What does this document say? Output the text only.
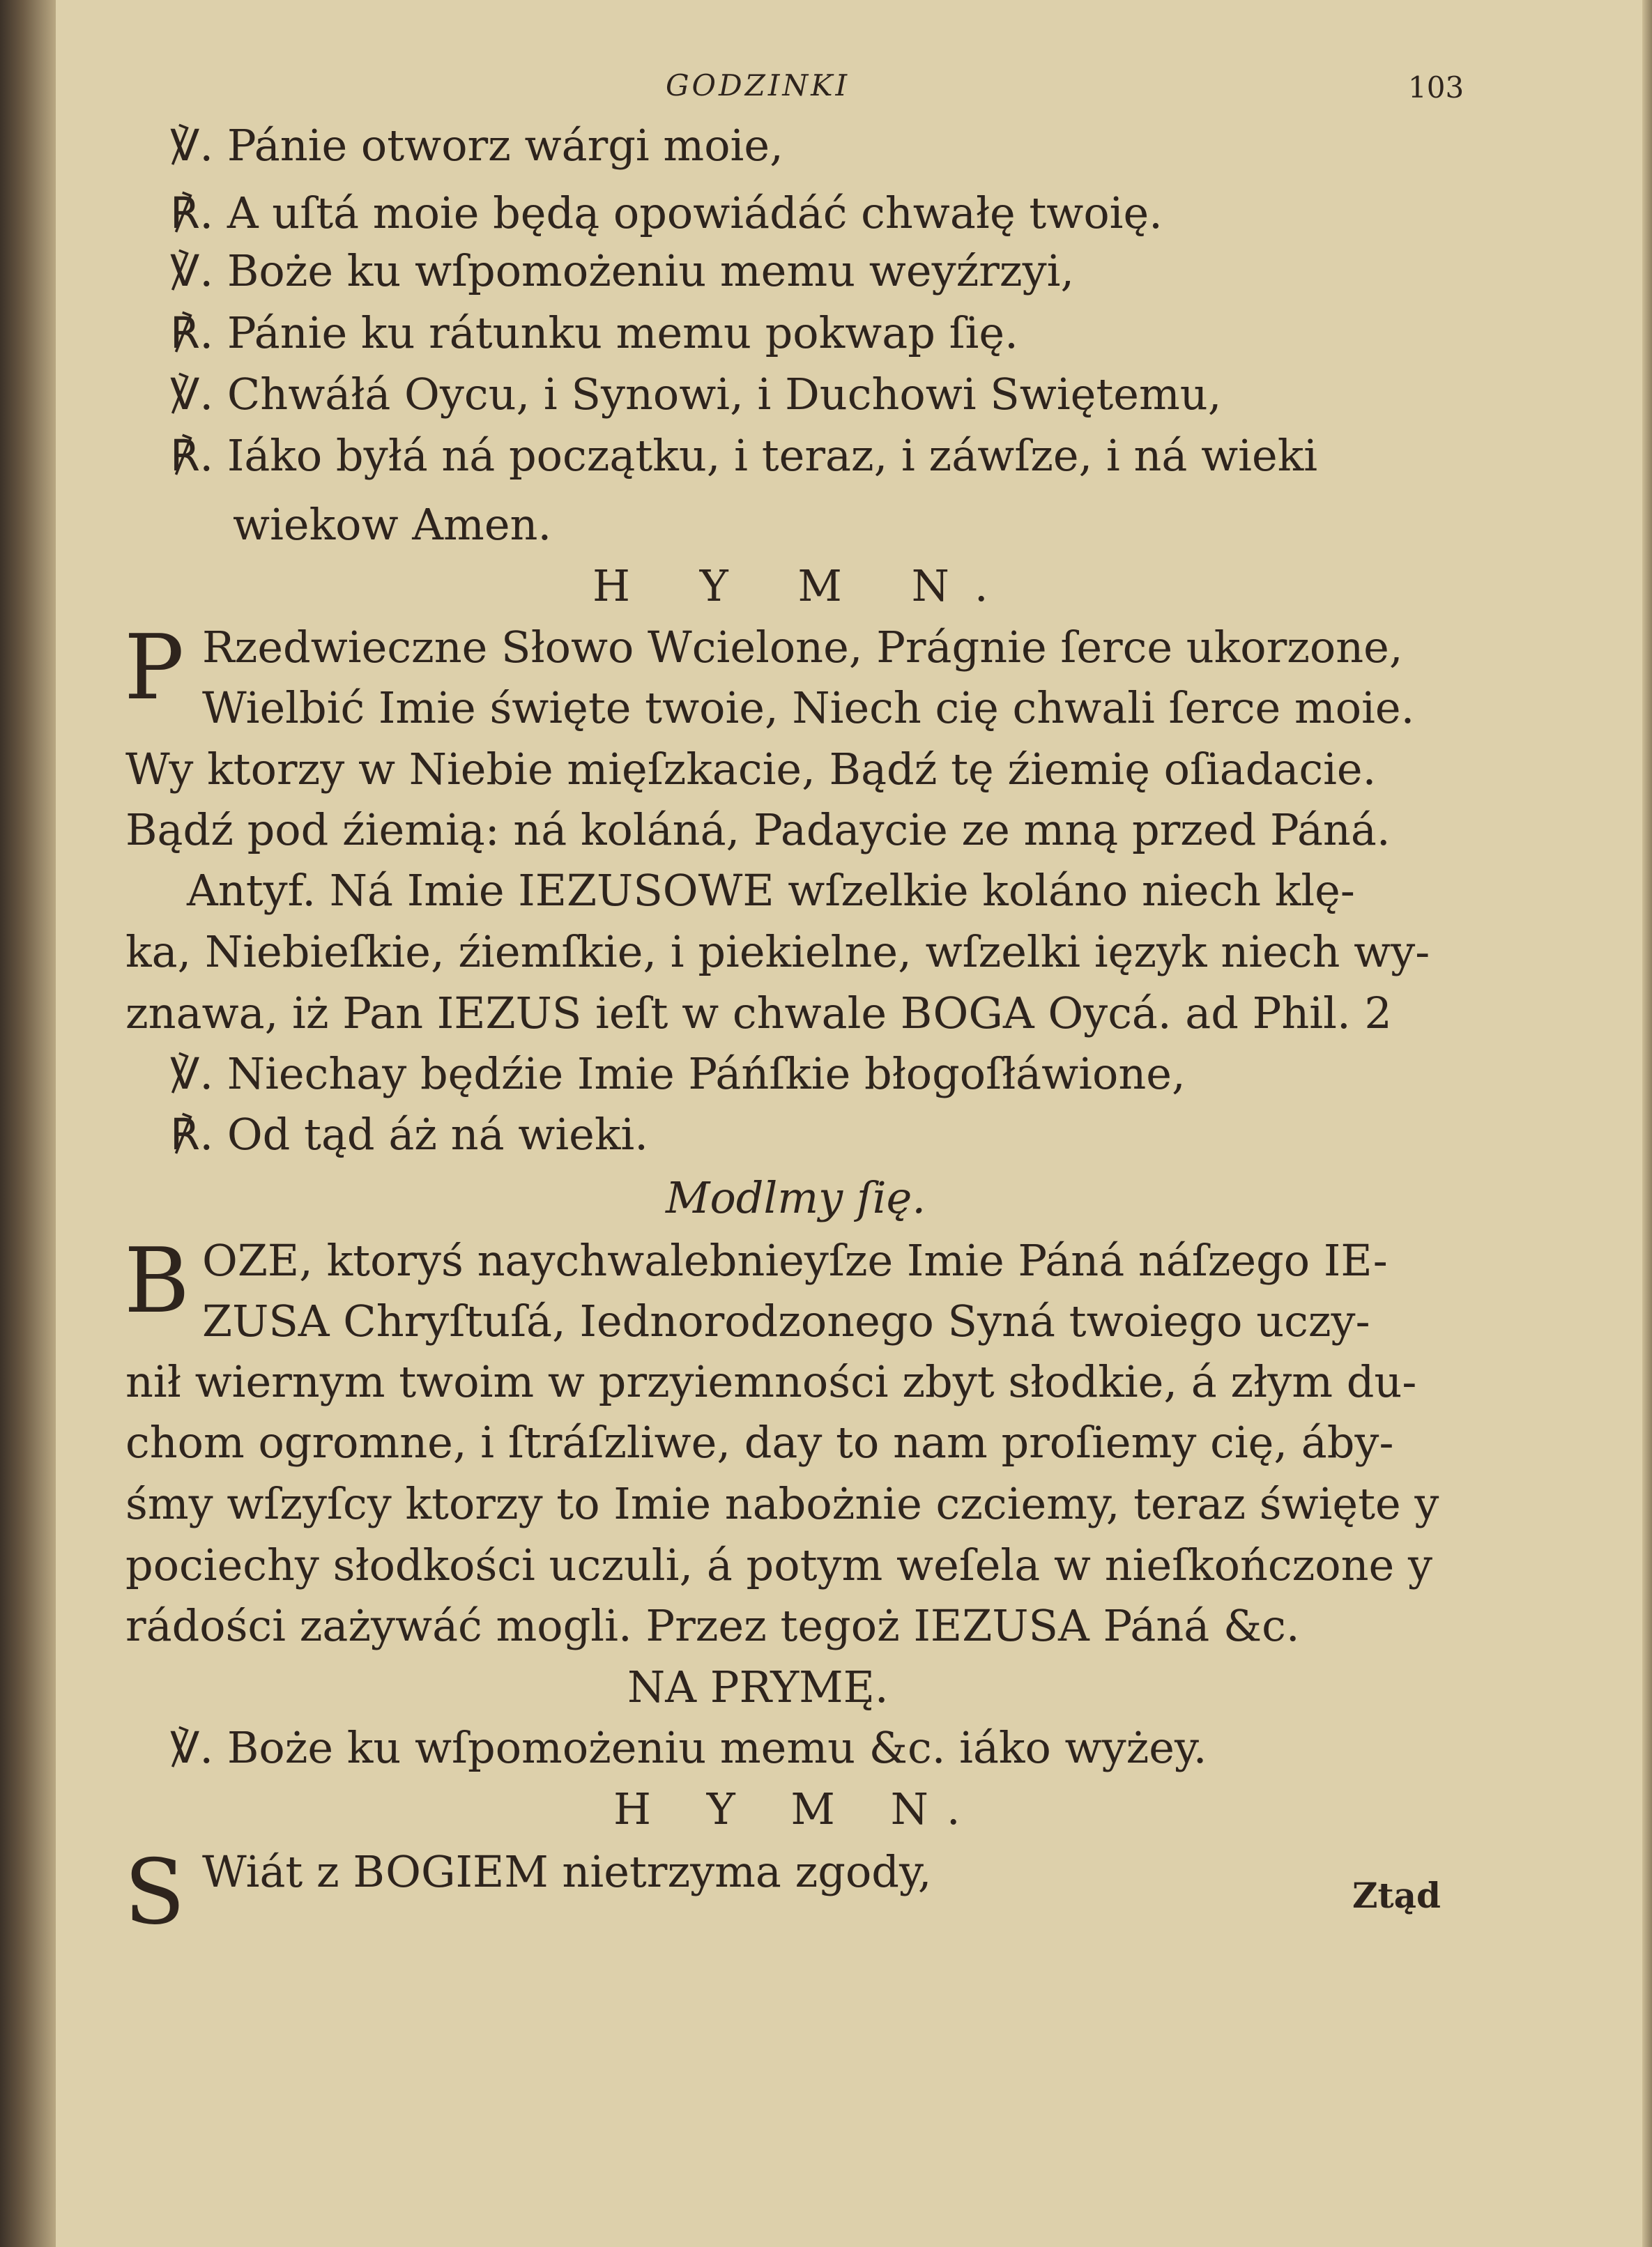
GODZINKI	103
℣. Pánie otworz wárgi moie,
℟. A uſtá moie będą opowiádáć chwałę twoię.
℣. Boże ku wſpomożeniu memu weyźrzyi,
℟. Pánie ku rátunku memu pokwap ſię.
℣. Chwáłá Oycu, i Synowi, i Duchowi Swiętemu,
℟. Iáko byłá ná początku, i teraz, i záwſze, i ná wieki
wiekow Amen.
H Y M N.
P Rzedwieczne Słowo Wcielone, Prágnie ſerce ukorzone,
Wielbić Imie święte twoie, Niech cię chwali ſerce moie.
Wy ktorzy w Niebie mięſzkacie, Bądź tę źiemię oſiadacie.
Bądź pod źiemią: ná koláná, Padaycie ze mną przed Páná.
Antyf. Ná Imie IEZUSOWE wſzelkie koláno niech klę-
ka, Niebieſkie, źiemſkie, i piekielne, wſzelki ięzyk niech wy-
znawa, iż Pan IEZUS ieſt w chwale BOGA Oycá. ad Phil. 2
℣. Niechay będźie Imie Páńſkie błogoſłáwione,
℟. Od tąd áż ná wieki.
Modlmy ſię.
B OZE, ktoryś naychwalebnieyſze Imie Páná náſzego IE-
ZUSA Chryſtuſá, Iednorodzonego Syná twoiego uczy-
nił wiernym twoim w przyiemności zbyt słodkie, á złym du-
chom ogromne, i ſtráſzliwe, day to nam proſiemy cię, áby-
śmy wſzyſcy ktorzy to Imie nabożnie czciemy, teraz święte y
pociechy słodkości uczuli, á potym weſela w nieſkończone y
rádości zażywáć mogli. Przez tegoż IEZUSA Páná &c.
NA PRYMĘ.
℣. Boże ku wſpomożeniu memu &c. iáko wyżey.
H Y M N.
S Wiát z BOGIEM nietrzyma zgody,	Ztąd
